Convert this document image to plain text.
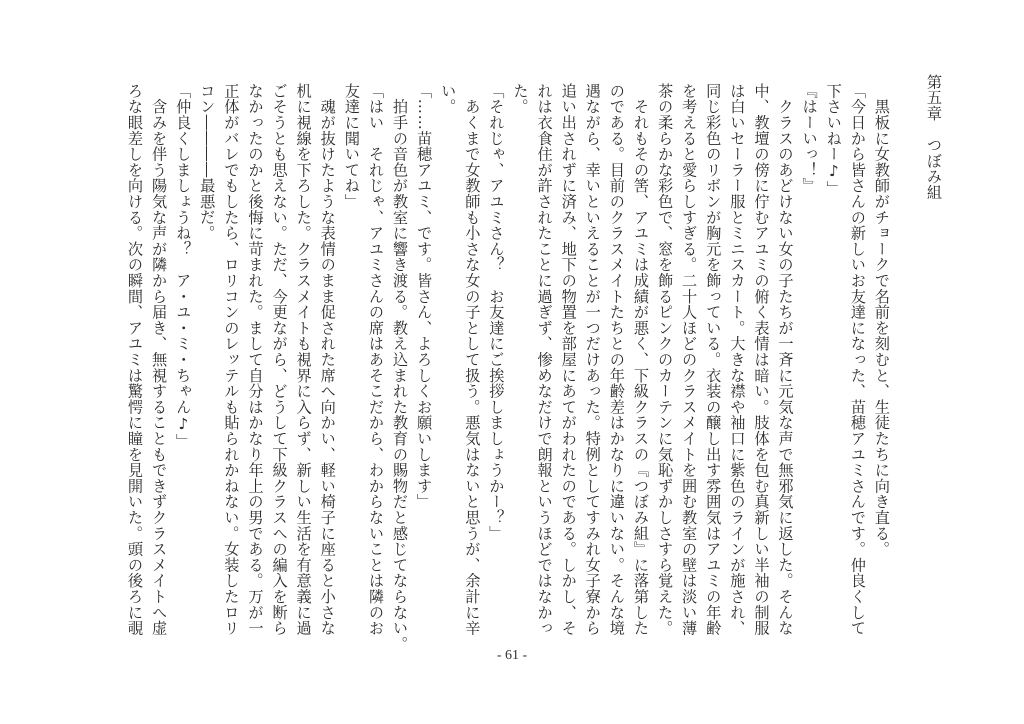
第五章　つぼみ組
　黒板に女教師がチョークで名前を刻むと、生徒たちに向き直る。
「今日から皆さんの新しいお友達になった、苗穂アユミさんです。仲良くして
下さいねー♪」
『はーいっ！』
　クラスのあどけない女の子たちが一斉に元気な声で無邪気に返した。そんな
中、教壇の傍に佇むアユミの俯く表情は暗い。肢体を包む真新しい半袖の制服
は白いセーラー服とミニスカート。大きな襟や袖口に紫色のラインが施され、
同じ彩色のリボンが胸元を飾っている。衣装の醸し出す雰囲気はアユミの年齢
を考えると愛らしすぎる。二十人ほどのクラスメイトを囲む教室の壁は淡い薄
茶の柔らかな彩色で、窓を飾るピンクのカーテンに気恥ずかしさすら覚えた。
　それもその筈、アユミは成績が悪く、下級クラスの『つぼみ組』に落第した
のである。目前のクラスメイトたちとの年齢差はかなりに違いない。そんな境
遇ながら、幸いといえることが一つだけあった。特例としてすみれ女子寮から
追い出されずに済み、地下の物置を部屋にあてがわれたのである。しかし、そ
れは衣食住が許されたことに過ぎず、惨めなだけで朗報というほどではなかっ
た。
「それじゃ、アユミさん？　お友達にご挨拶しましょうかー？」
　あくまで女教師も小さな女の子として扱う。悪気はないと思うが、余計に辛
い。
「……苗穂アユミ、です。皆さん、よろしくお願いします」
　拍手の音色が教室に響き渡る。教え込まれた教育の賜物だと感じてならない。
「はい　それじゃ、アユミさんの席はあそこだから、わからないことは隣のお
友達に聞いてね」
　魂が抜けたような表情のまま促された席へ向かい、軽い椅子に座ると小さな
机に視線を下ろした。クラスメイトも視界に入らず、新しい生活を有意義に過
ごそうとも思えない。ただ、今更ながら、どうして下級クラスへの編入を断ら
なかったのかと後悔に苛まれた。まして自分はかなり年上の男である。万が一
正体がバレでもしたら、ロリコンのレッテルも貼られかねない。女装したロリ
コン――――最悪だ。
「仲良くしましょうね？　ア・ユ・ミ・ちゃん♪」
　含みを伴う陽気な声が隣から届き、無視することもできずクラスメイトへ虚
ろな眼差しを向ける。次の瞬間、アユミは驚愕に瞳を見開いた。頭の後ろに覗
- 61 -
